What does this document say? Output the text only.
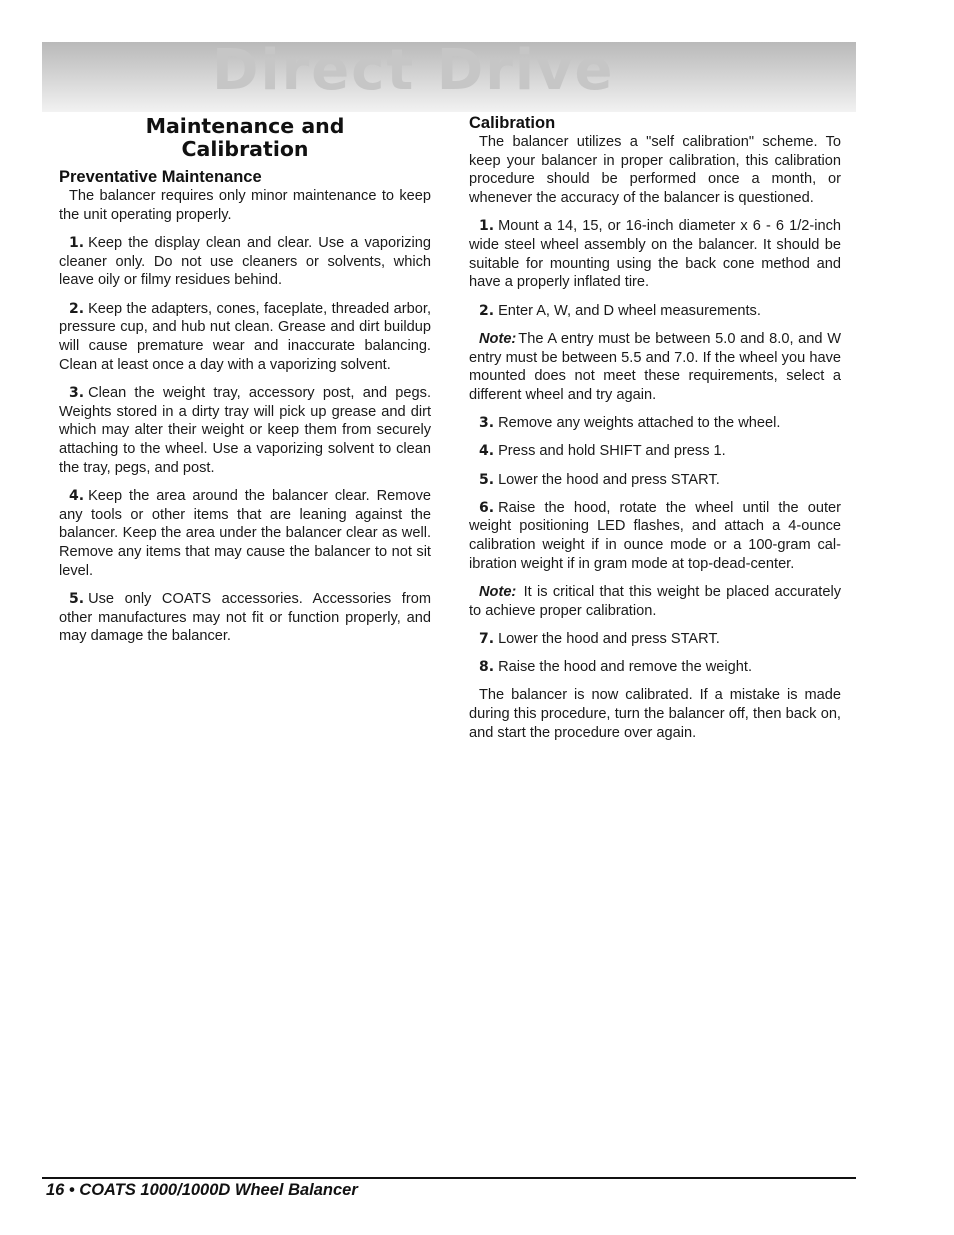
Direct Drive
Maintenance and
Calibration
Preventative Maintenance

The balancer requires only minor maintenance to keep the unit operating properly.

1. Keep the display clean and clear. Use a vaporizing cleaner only. Do not use cleaners or solvents, which leave oily or filmy residues behind.

2. Keep the adapters, cones, faceplate, threaded arbor, pressure cup, and hub nut clean. Grease and dirt buildup will cause premature wear and inaccurate balancing. Clean at least once a day with a vaporizing solvent.

3. Clean the weight tray, accessory post, and pegs. Weights stored in a dirty tray will pick up grease and dirt which may alter their weight or keep them from securely attaching to the wheel. Use a vaporizing solvent to clean the tray, pegs, and post.

4. Keep the area around the balancer clear. Remove any tools or other items that are leaning against the balancer. Keep the area under the balancer clear as well. Remove any items that may cause the balancer to not sit level.

5. Use only COATS accessories. Accessories from other manufactures may not fit or function properly, and may damage the balancer.

Calibration

The balancer utilizes a "self calibration" scheme. To keep your balancer in proper calibration, this calibration procedure should be performed once a month, or whenever the accuracy of the balancer is questioned.

1. Mount a 14, 15, or 16-inch diameter x 6 - 6 1/2-inch wide steel wheel assembly on the balancer. It should be suitable for mounting using the back cone method and have a properly inflated tire.

2. Enter A, W, and D wheel measurements.

Note: The A entry must be between 5.0 and 8.0, and W entry must be between 5.5 and 7.0. If the wheel you have mounted does not meet these requirements, select a different wheel and try again.

3. Remove any weights attached to the wheel.

4. Press and hold SHIFT and press 1.

5. Lower the hood and press START.

6. Raise the hood, rotate the wheel until the outer weight positioning LED flashes, and attach a 4-ounce calibration weight if in ounce mode or a 100-gram calibration weight if in gram mode at top-dead-center.

Note: It is critical that this weight be placed accurately to achieve proper calibration.

7. Lower the hood and press START.

8. Raise the hood and remove the weight.

The balancer is now calibrated. If a mistake is made during this procedure, turn the balancer off, then back on, and start the procedure over again.

16 • COATS 1000/1000D Wheel Balancer
